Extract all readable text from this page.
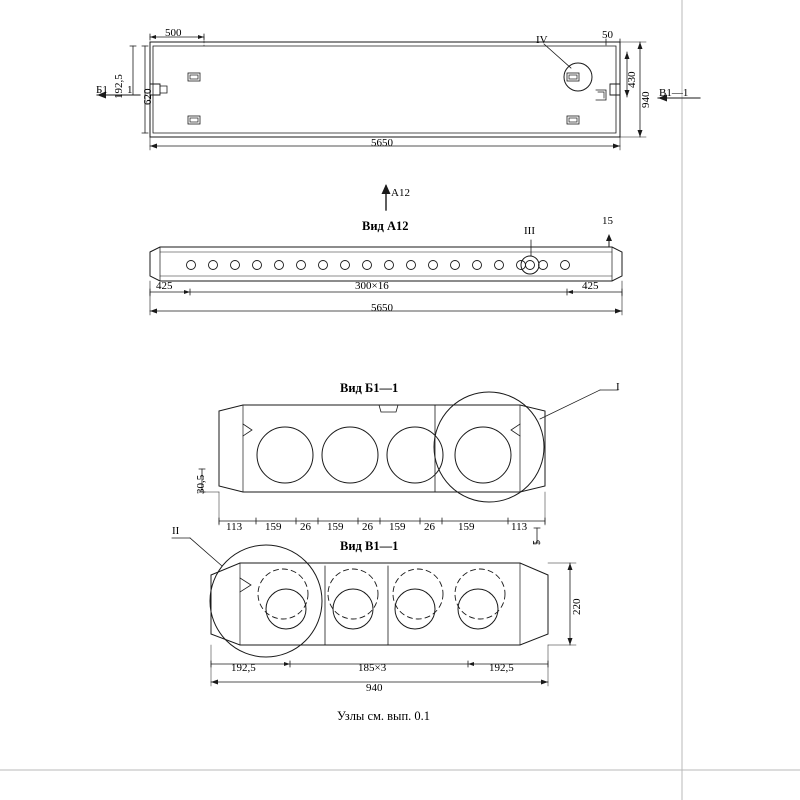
500
192,5 620
5650
50
430
940
IV
Б1 1	В1—1
А12
Вид А12
425	300×16	425
5650
15
III
Вид Б1—1	I
30,5
113 159 26 159 26 159 26 159	113
5
Вид В1—1
II
220
192,5	185×3	192,5
940
Узлы см. вып. 0.1
